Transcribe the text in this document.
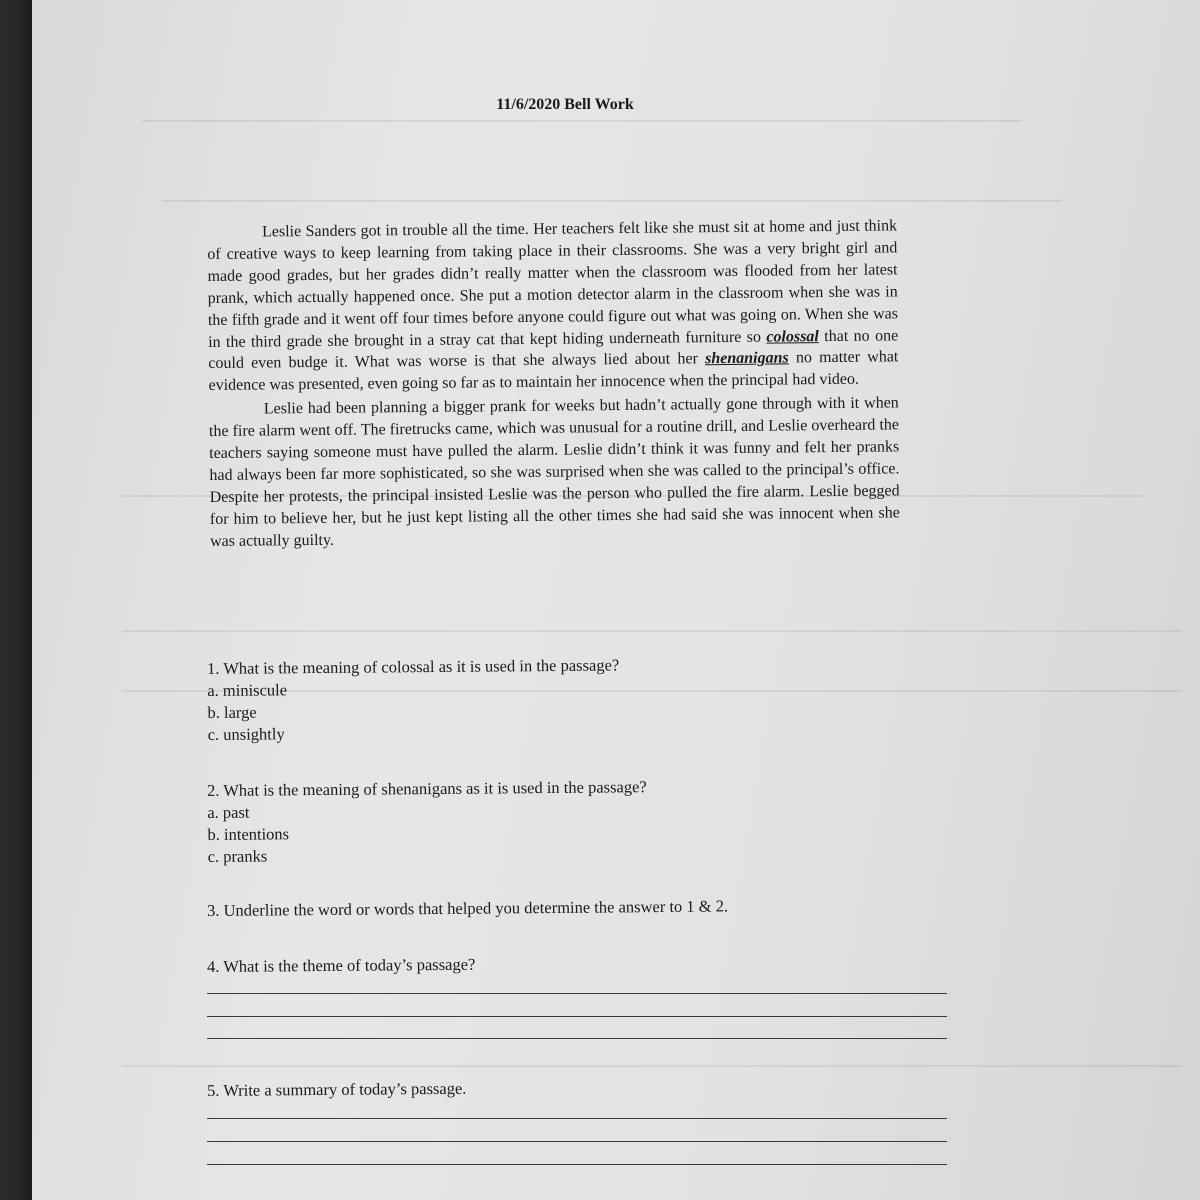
11/6/2020 Bell Work

Leslie Sanders got in trouble all the time. Her teachers felt like she must sit at home and just think of creative ways to keep learning from taking place in their classrooms. She was a very bright girl and made good grades, but her grades didn’t really matter when the classroom was flooded from her latest prank, which actually happened once. She put a motion detector alarm in the classroom when she was in the fifth grade and it went off four times before anyone could figure out what was going on. When she was in the third grade she brought in a stray cat that kept hiding underneath furniture so colossal that no one could even budge it. What was worse is that she always lied about her shenanigans no matter what evidence was presented, even going so far as to maintain her innocence when the principal had video.

Leslie had been planning a bigger prank for weeks but hadn’t actually gone through with it when the fire alarm went off. The firetrucks came, which was unusual for a routine drill, and Leslie overheard the teachers saying someone must have pulled the alarm. Leslie didn’t think it was funny and felt her pranks had always been far more sophisticated, so she was surprised when she was called to the principal’s office. Despite her protests, the principal insisted Leslie was the person who pulled the fire alarm. Leslie begged for him to believe her, but he just kept listing all the other times she had said she was innocent when she was actually guilty.

1. What is the meaning of colossal as it is used in the passage?
a. miniscule
b. large
c. unsightly
2. What is the meaning of shenanigans as it is used in the passage?
a. past
b. intentions
c. pranks
3. Underline the word or words that helped you determine the answer to 1 & 2.
4. What is the theme of today’s passage?
5. Write a summary of today’s passage.
